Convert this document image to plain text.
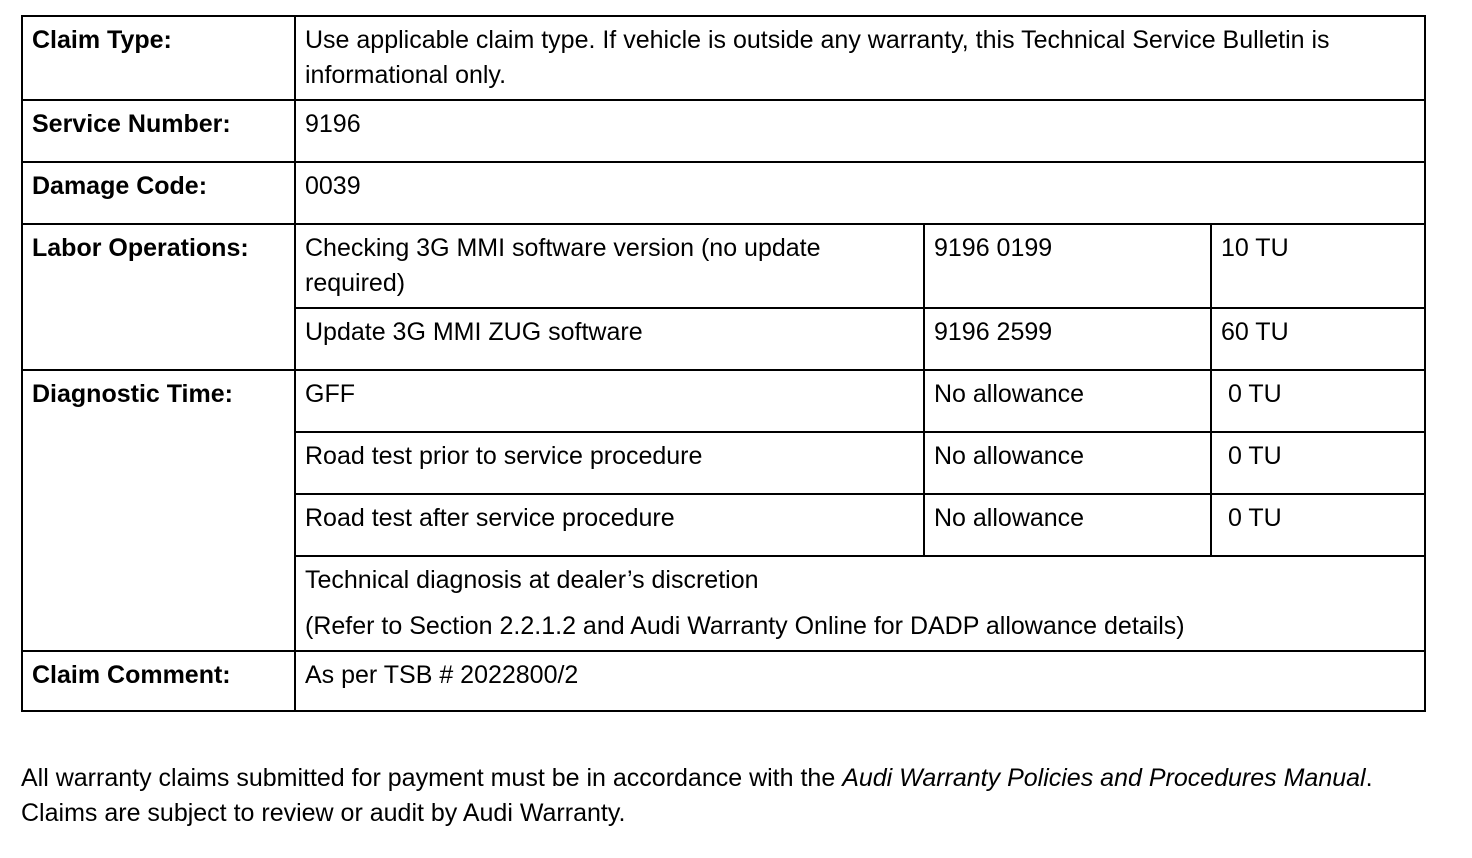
Claim Type:	Use applicable claim type. If vehicle is outside any warranty, this Technical Service Bulletin is informational only.		
Service Number:	9196		
Damage Code:	0039		
Labor Operations:	Checking 3G MMI software version (no update required)	9196 0199	10 TU
	Update 3G MMI ZUG software	9196 2599	60 TU
Diagnostic Time:	GFF	No allowance	0 TU
	Road test prior to service procedure	No allowance	0 TU
	Road test after service procedure	No allowance	0 TU

	Technical diagnosis at dealer’s discretion
(Refer to Section 2.2.1.2 and Audi Warranty Online for DADP allowance details)		

Claim Comment:	As per TSB # 2022800/2		
All warranty claims submitted for payment must be in accordance with the Audi Warranty Policies and Procedures Manual. Claims are subject to review or audit by Audi Warranty.
